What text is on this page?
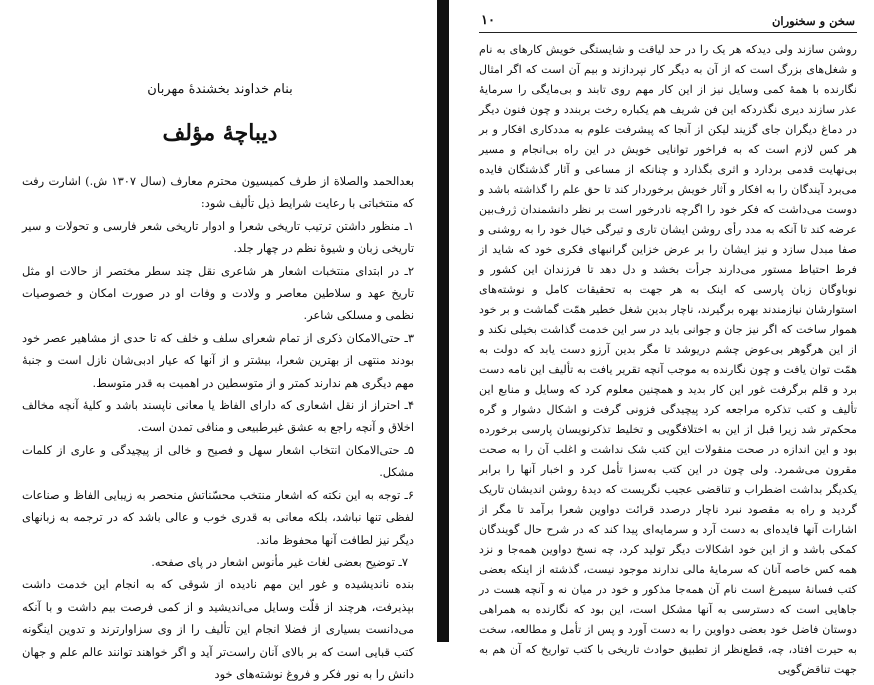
بنام خداوند بخشندهٔ مهربان
دیباچهٔ مؤلف

بعدالحمد والصلاة از طرف کمیسیون محترم معارف (سال ۱۳۰۷ ش.) اشارت رفت که منتخباتی با رعایت شرایط ذیل تألیف شود:

۱ـ منظور داشتن ترتیب تاریخی شعرا و ادوار تاریخی شعر فارسی و تحولات و سیر تاریخی زبان و شیوهٔ نظم در چهار جلد.

۲ـ در ابتدای منتخبات اشعار هر شاعری نقل چند سطر مختصر از حالات او مثل تاریخ عهد و سلاطین معاصر و ولادت و وفات او در صورت امکان و خصوصیات نظمی و مسلکی شاعر.

۳ـ حتی‌الامکان ذکری از تمام شعرای سلف و خلف که تا حدی از مشاهیر عصر خود بودند منتهی از بهترین شعرا، بیشتر و از آنها که عیار ادبی‌شان نازل است و جنبهٔ مهم دیگری هم ندارند کمتر و از متوسطین در اهمیت به قدر متوسط.

۴ـ احتراز از نقل اشعاری که دارای الفاظ یا معانی ناپسند باشد و کلیهٔ آنچه مخالف اخلاق و آنچه راجع به عشق غیرطبیعی و منافی تمدن است.

۵ـ حتی‌الامکان انتخاب اشعار سهل و فصیح و خالی از پیچیدگی و عاری از کلمات مشکل.

۶ـ توجه به این نکته که اشعار منتخب محسّناتش منحصر به زیبایی الفاظ و صناعات لفظی تنها نباشد، بلکه معانی به قدری خوب و عالی باشد که در ترجمه به زبانهای دیگر نیز لطافت آنها محفوظ ماند.

۷ـ توضیح بعضی لغات غیر مأنوس اشعار در پای صفحه.

بنده ناندیشیده و غور این مهم نادیده از شوقی که به انجام این خدمت داشت بپذیرفت، هرچند از قلّت وسایل می‌اندیشید و از کمی فرصت بیم داشت و با آنکه می‌دانست بسیاری از فضلا انجام این تألیف را از وی سزاوارترند و تدوین اینگونه کتب قبایی است که بر بالای آنان راست‌تر آید و اگر خواهند توانند عالم علم و جهان دانش را به نور فکر و فروغ نوشته‌های خود

۱۰	سخن و سخنوران

روشن سازند ولی دیدکه هر یک را در حد لیاقت و شایستگی خویش کارهای به نام و شغل‌های بزرگ است که از آن به دیگر کار نپردازند و بیم آن است که اگر امثال نگارنده با همهٔ کمی وسایل نیز از این کار مهم روی تابند و بی‌مایگی را سرمایهٔ عذر سازند دیری نگذردکه این فن شریف هم یکباره رخت بربندد و چون فنون دیگر در دماغ دیگران جای گزیند لیکن از آنجا که پیشرفت علوم به مددکاری افکار و بر هر کس لازم است که به فراخور توانایی خویش در این راه بی‌انجام و مسیر بی‌نهایت قدمی بردارد و اثری بگذارد و چنانکه از مساعی و آثار گذشتگان فایده می‌برد آیندگان را به افکار و آثار خویش برخوردار کند تا حق علم را گذاشته باشد و دوست می‌داشت که فکر خود را اگرچه نادرخور است بر نظر دانشمندان ژرف‌بین عرضه کند تا آنکه به مدد رأی روشن ایشان تاری و تیرگی خیال خود را به روشنی و صفا مبدل سازد و نیز ایشان را بر عرض خزاین گرانبهای فکری خود که شاید از فرط احتیاط مستور می‌دارند جرأت بخشد و دل دهد تا فرزندان این کشور و نوباوگان زبان پارسی که اینک به هر جهت به تحقیقات کامل و نوشته‌های استوارشان نیازمندند بهره برگیرند، ناچار بدین شغل خطیر همّت گماشت و بر خود هموار ساخت که اگر نیز جان و جوانی باید در سر این خدمت گذاشت بخیلی نکند و از این هرگوهر بی‌عوض چشم دریوشد تا مگر بدین آرزو دست یابد که دولت به همّت توان یافت و چون نگارنده به موجب آنچه تقریر یافت به تألیف این نامه دست برد و قلم برگرفت غور این کار بدید و همچنین معلوم کرد که وسایل و منابع این تألیف و کتب تذکره مراجعه کرد پیچیدگی فزونی گرفت و اشکال دشوار و گره محکم‌تر شد زیرا قبل از این به اختلافگویی و تخلیط تذکرنویسان پارسی برخورده بود و این اندازه در صحت منقولات این کتب شک نداشت و اغلب آن را به صحت مقرون می‌شمرد. ولی چون در این کتب به‌سزا تأمل کرد و اخبار آنها را برابر یکدیگر بداشت اضطراب و تناقضی عجیب نگریست که دیدهٔ روشن اندیشان تاریک گردید و راه به مقصود نبرد ناچار درصدد قرائت دواوین شعرا برآمد تا مگر از اشارات آنها فایده‌ای به دست آرد و سرمایه‌ای پیدا کند که در شرح حال گویندگان کمکی باشد و از این خود اشکالات دیگر تولید کرد، چه نسخ دواوین همه‌جا و نزد همه کس خاصه آنان که سرمایهٔ مالی ندارند موجود نیست، گذشته از اینکه بعضی کتب فسانهٔ سیمرغ است نام آن همه‌جا مذکور و خود در میان نه و آنچه هست در جاهایی است که دسترسی به آنها مشکل است، این بود که نگارنده به همراهی دوستان فاضل خود بعضی دواوین را به دست آورد و پس از تأمل و مطالعه، سخت به حیرت افتاد، چه، قطع‌نظر از تطبیق حوادث تاریخی با کتب تواریخ که آن هم به جهت تناقض‌گویی
